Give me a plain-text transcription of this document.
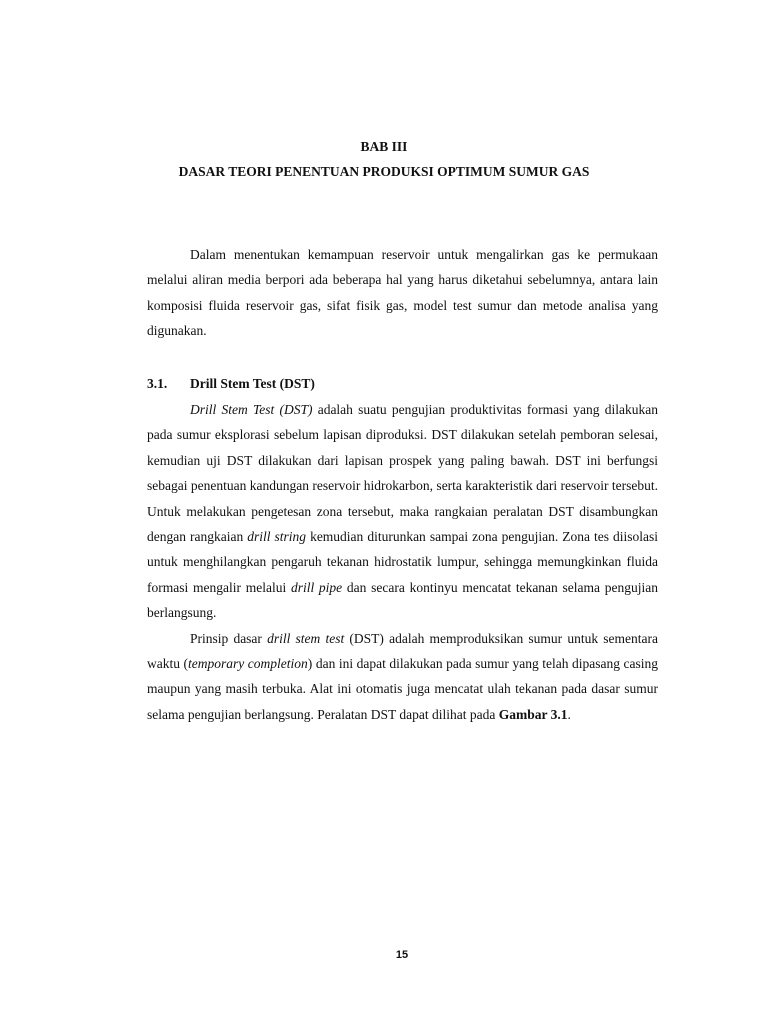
BAB III
DASAR TEORI PENENTUAN PRODUKSI OPTIMUM SUMUR GAS

Dalam menentukan kemampuan reservoir untuk mengalirkan gas ke permukaan melalui aliran media berpori ada beberapa hal yang harus diketahui sebelumnya, antara lain komposisi fluida reservoir gas, sifat fisik gas, model test sumur dan metode analisa yang digunakan.

3.1. Drill Stem Test (DST)

Drill Stem Test (DST) adalah suatu pengujian produktivitas formasi yang dilakukan pada sumur eksplorasi sebelum lapisan diproduksi. DST dilakukan setelah pemboran selesai, kemudian uji DST dilakukan dari lapisan prospek yang paling bawah. DST ini berfungsi sebagai penentuan kandungan reservoir hidrokarbon, serta karakteristik dari reservoir tersebut. Untuk melakukan pengetesan zona tersebut, maka rangkaian peralatan DST disambungkan dengan rangkaian drill string kemudian diturunkan sampai zona pengujian. Zona tes diisolasi untuk menghilangkan pengaruh tekanan hidrostatik lumpur, sehingga memungkinkan fluida formasi mengalir melalui drill pipe dan secara kontinyu mencatat tekanan selama pengujian berlangsung.

Prinsip dasar drill stem test (DST) adalah memproduksikan sumur untuk sementara waktu (temporary completion) dan ini dapat dilakukan pada sumur yang telah dipasang casing maupun yang masih terbuka. Alat ini otomatis juga mencatat ulah tekanan pada dasar sumur selama pengujian berlangsung. Peralatan DST dapat dilihat pada Gambar 3.1.

15
